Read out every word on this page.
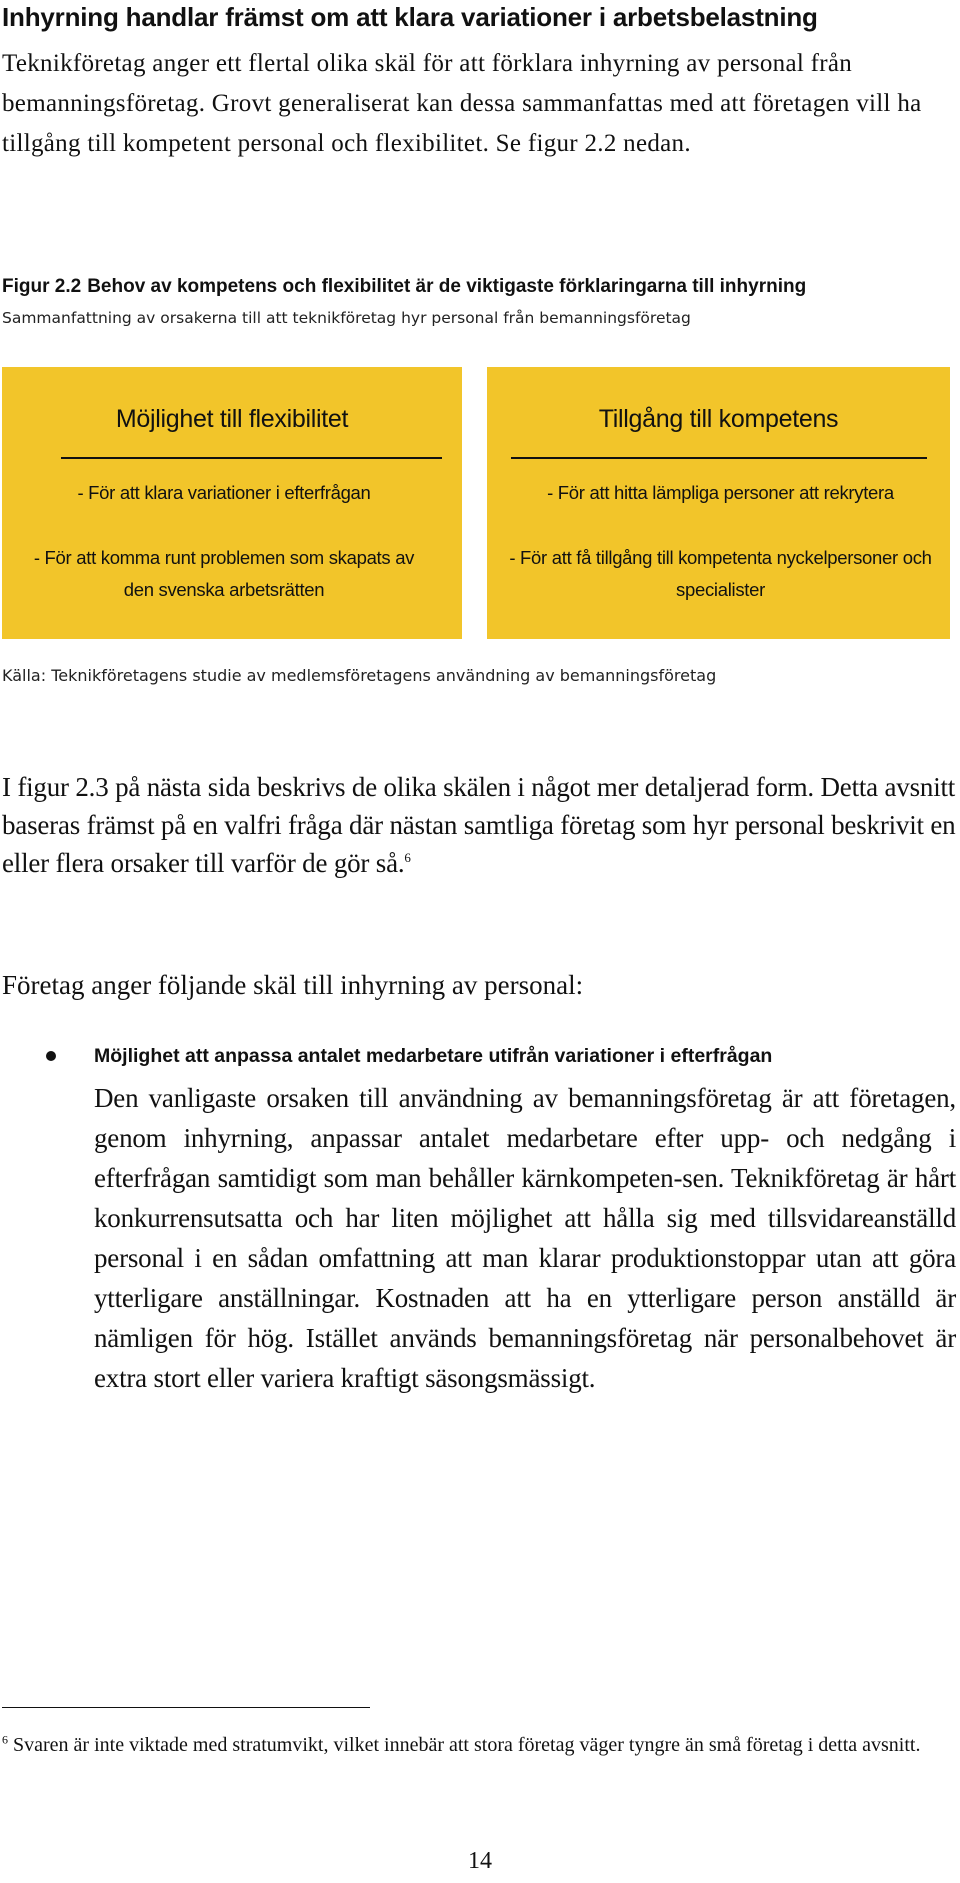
Inhyrning handlar främst om att klara variationer i arbetsbelastning
Teknikföretag anger ett flertal olika skäl för att förklara inhyrning av personal från bemanningsföretag. Grovt generaliserat kan dessa sammanfattas med att företagen vill ha tillgång till kompetent personal och flexibilitet. Se figur 2.2 nedan.
Figur 2.2 Behov av kompetens och flexibilitet är de viktigaste förklaringarna till inhyrning
Sammanfattning av orsakerna till att teknikföretag hyr personal från bemanningsföretag
Möjlighet till flexibilitet
- För att klara variationer i efterfrågan
- För att komma runt problemen som skapats av den svenska arbetsrätten
Tillgång till kompetens
- För att hitta lämpliga personer att rekrytera
- För att få tillgång till kompetenta nyckelpersoner och specialister
Källa: Teknikföretagens studie av medlemsföretagens användning av bemanningsföretag
I figur 2.3 på nästa sida beskrivs de olika skälen i något mer detaljerad form. Detta avsnitt baseras främst på en valfri fråga där nästan samtliga företag som hyr personal beskrivit en eller flera orsaker till varför de gör så.$^6$
Företag anger följande skäl till inhyrning av personal:
Möjlighet att anpassa antalet medarbetare utifrån variationer i efterfrågan
Den vanligaste orsaken till användning av bemanningsföretag är att företagen, genom inhyrning, anpassar antalet medarbetare efter upp- och nedgång i efterfrågan samtidigt som man behåller kärnkompeten-sen. Teknikföretag är hårt konkurrensutsatta och har liten möjlighet att hålla sig med tillsvidareanställd personal i en sådan omfattning att man klarar produktionstoppar utan att göra ytterligare anställningar. Kostnaden att ha en ytterligare person anställd är nämligen för hög. Istället används bemanningsföretag när personalbehovet är extra stort eller variera kraftigt säsongsmässigt.
$^6$ Svaren är inte viktade med stratumvikt, vilket innebär att stora företag väger tyngre än små företag i detta avsnitt.
14
